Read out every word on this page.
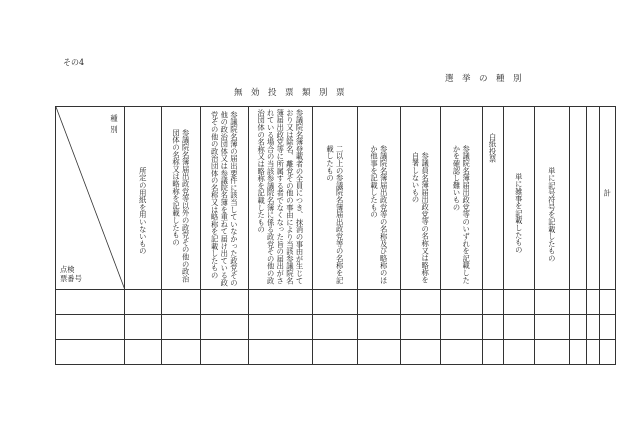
その4
選　挙　の　種　別
無　効　投　票　類　別　票
種別
点検
票番号	所定の用紙を用いないもの	参議院名簿届出政党等以外の政党その他の政治団体の名称又は略称を記載したもの	参議院名簿の届出要件に該当していなかった政党その他の政治団体又は参議院名簿を重ねて届け出ている政党その他の政治団体の名称又は略称を記載したもの	参議院名簿登載者の全員につき、抹消の事由が生じており又は除名、離党その他の事由により当該参議院名簿届出政党等に所属する者でなくなった旨の届出がされている場合の当該参議院名簿に係る政党その他の政治団体の名称又は略称を記載したもの	二以上の参議院名簿届出政党等の名称を記載したもの	参議院名簿届出政党等の名称及び略称のほか他事を記載したもの	参議員名簿届出政党等の名称又は略称を自署しないもの	参議院名簿届出政党等のいずれを記載したかを確認し難いもの	白紙投票	単に雑事を記載したもの	単に記号符号を記載したもの			計	
